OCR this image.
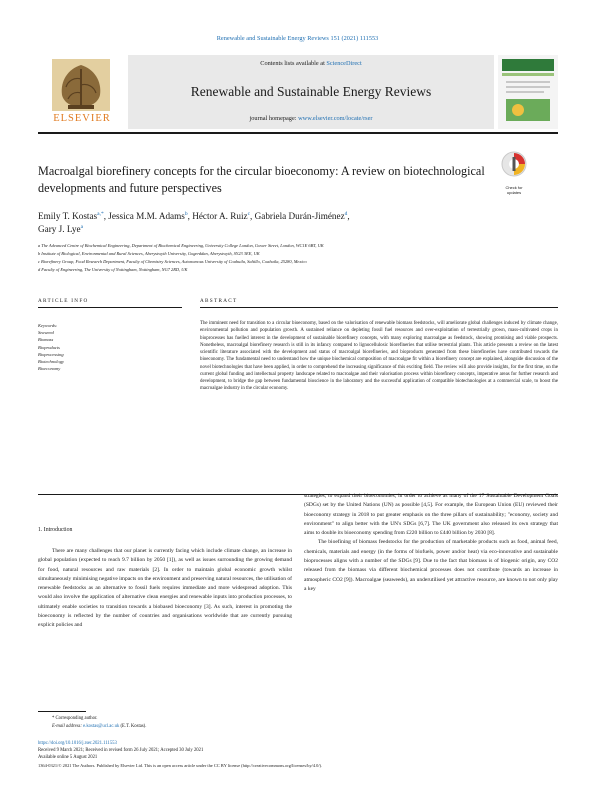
Renewable and Sustainable Energy Reviews 151 (2021) 111553
ELSEVIER
Contents lists available at ScienceDirect
Renewable and Sustainable Energy Reviews
journal homepage: www.elsevier.com/locate/rser
Macroalgal biorefinery concepts for the circular bioeconomy: A review on biotechnological developments and future perspectives	Check for
updates
Emily T. Kostas$^{a,*}$, Jessica M.M. Adams$^b$, Héctor A. Ruiz$^c$, Gabriela Durán-Jiménez$^d$,
Gary J. Lye$^a$
a The Advanced Centre of Biochemical Engineering, Department of Biochemical Engineering, University College London, Gower Street, London, WC1E 6BT, UK
b Institute of Biological, Environmental and Rural Sciences, Aberystwyth University, Gogerddan, Aberystwyth, SY23 3EE, UK
c Biorefinery Group, Food Research Department, Faculty of Chemistry Sciences, Autonomous University of Coahuila, Saltillo, Coahuila, 25280, Mexico
d Faculty of Engineering, The University of Nottingham, Nottingham, NG7 2RD, UK
ARTICLE INFO
Keywords:
Seaweed
Biomass
Bioproducts
Bioprocessing
Biotechnology
Bioeconomy
ABSTRACT
The imminent need for transition to a circular bioeconomy, based on the valorisation of renewable biomass feedstocks, will ameliorate global challenges induced by climate change, environmental pollution and population growth. A sustained reliance on depleting fossil fuel resources and over-exploitation of terrestrially grown, mass-cultivated crops in bioprocesses has fuelled interest in the development of sustainable biorefinery concepts, with many exploring macroalgae as feedstock, showing promising and viable prospects. Nonetheless, macroalgal biorefinery research is still in its infancy compared to lignocellulosic biorefineries that utilise terrestrial plants. This article presents a review on the latest scientific literature associated with the development and status of macroalgal biorefineries, and bioproducts generated from these biorefineries have contributed towards the bioeconomy. The fundamental need to understand how the unique biochemical composition of macroalgae fit within a biorefinery concept are explained, alongside discussion of the novel biotechnologies that have been applied, in order to comprehend the increasing significance of this exciting field. The review will also provide insights, for the first time, on the current global funding and intellectual property landscape related to macroalgae and their valorisation process within biorefinery concepts, imperative areas for further research and development, to bridge the gap between fundamental bioscience in the laboratory and the successful application of compatible biotechnologies at a commercial scale, to boost the macroalgae industry in the circular economy.
1. Introduction

There are many challenges that our planet is currently facing which include climate change, an increase in global population (expected to reach 9.7 billion by 2050 [1]), as well as issues surrounding the growing demand for food, natural resources and raw materials [2]. In order to maintain global economic growth whilst simultaneously minimising negative impacts on the environment and preserving natural resources, the utilisation of renewable feedstocks as an alternative to fossil fuels requires immediate and more widespread adoption. This would also involve the application of alternative clean energies and renewable inputs into production processes, to ultimately enable societies to transition towards a biobased bioeconomy [3]. As such, interest in promoting the bioeconomy is reflected by the number of countries and organisations worldwide that are currently pursuing explicit policies and

strategies, to expand their bioeconomies, in order to achieve as many of the 17 Sustainable Development Goals (SDGs) set by the United Nations (UN) as possible [4,5]. For example, the European Union (EU) reviewed their bioeconomy strategy in 2018 to put greater emphasis on the three pillars of sustainability; "economy, society and environment" to align better with the UN's SDGs [6,7]. The UK government also released its own strategy that aims to double its bioeconomy spending from £220 billion to £440 billion by 2030 [8].

The bioefining of biomass feedstocks for the production of marketable products such as food, animal feed, chemicals, materials and energy (in the forms of biofuels, power and/or heat) via eco-innovative and sustainable bioprocesses aligns with a number of the SDGs [9]. Due to the fact that biomass is of biogenic origin, any CO2 released from the biomass via different biochemical processes does not contribute (towards an increase in atmospheric CO2 [9]). Macroalgae (seaweeds), an underutilised yet attractive resource, are known to not only play a key

* Corresponding author.
E-mail address: e.kostas@ucl.ac.uk (E.T. Kostas).
https://doi.org/10.1016/j.rser.2021.111553
Received 9 March 2021; Received in revised form 26 July 2021; Accepted 30 July 2021
Available online 5 August 2021
1364-0321/© 2021 The Authors. Published by Elsevier Ltd. This is an open access article under the CC BY license (http://creativecommons.org/licenses/by/4.0/).
